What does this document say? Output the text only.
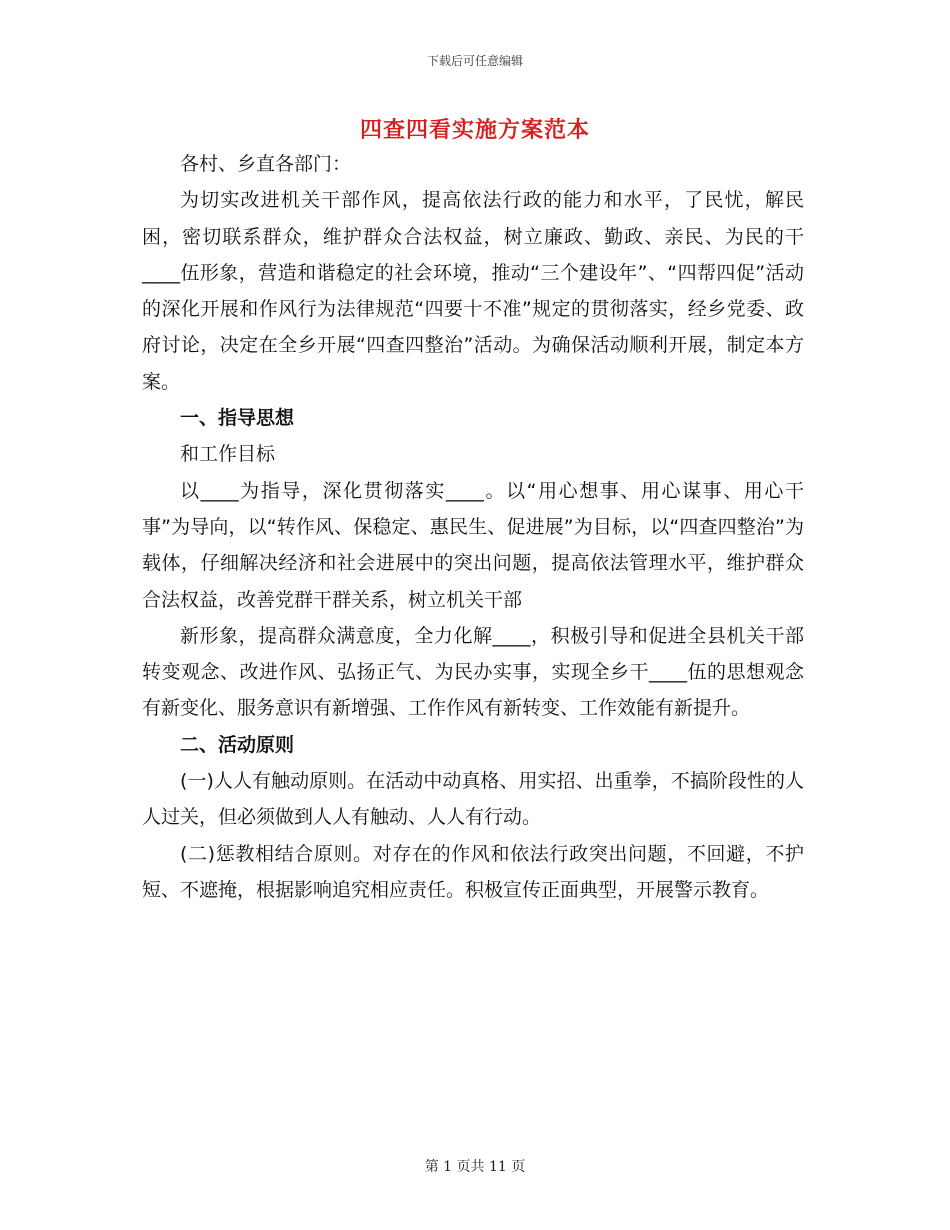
下载后可任意编辑
四查四看实施方案范本

各村、乡直各部门：

为切实改进机关干部作风，提高依法行政的能力和水平，了民忧，解民困，密切联系群众，维护群众合法权益，树立廉政、勤政、亲民、为民的干____伍形象，营造和谐稳定的社会环境，推动“三个建设年”、“四帮四促”活动的深化开展和作风行为法律规范“四要十不准”规定的贯彻落实，经乡党委、政府讨论，决定在全乡开展“四查四整治”活动。为确保活动顺利开展，制定本方案。

一、指导思想

和工作目标

以____为指导，深化贯彻落实____。以“用心想事、用心谋事、用心干事”为导向，以“转作风、保稳定、惠民生、促进展”为目标，以“四查四整治”为载体，仔细解决经济和社会进展中的突出问题，提高依法管理水平，维护群众合法权益，改善党群干群关系，树立机关干部

新形象，提高群众满意度，全力化解____，积极引导和促进全县机关干部转变观念、改进作风、弘扬正气、为民办实事，实现全乡干____伍的思想观念有新变化、服务意识有新增强、工作作风有新转变、工作效能有新提升。

二、活动原则

(一)人人有触动原则。在活动中动真格、用实招、出重拳，不搞阶段性的人人过关，但必须做到人人有触动、人人有行动。

(二)惩教相结合原则。对存在的作风和依法行政突出问题，不回避，不护短、不遮掩，根据影响追究相应责任。积极宣传正面典型，开展警示教育。

第 1 页共 11 页
